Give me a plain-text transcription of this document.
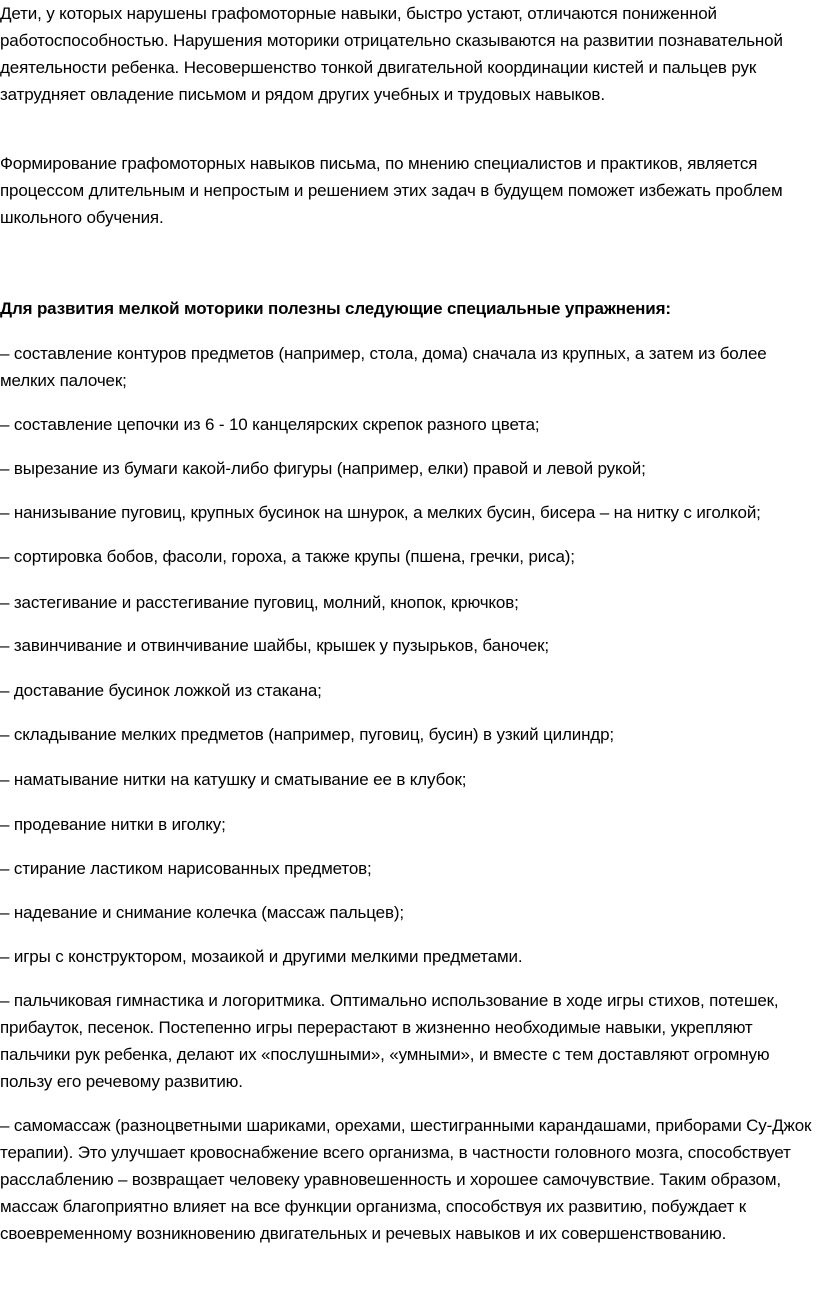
Дети, у которых нарушены графомоторные навыки, быстро устают, отличаются пониженной работоспособностью. Нарушения моторики отрицательно сказываются на развитии познавательной деятельности ребенка. Несовершенство тонкой двигательной координации кистей и пальцев рук затрудняет овладение письмом и рядом других учебных и трудовых навыков.

Формирование графомоторных навыков письма, по мнению специалистов и практиков, является процессом длительным и непростым и решением этих задач в будущем поможет избежать проблем школьного обучения.

Для развития мелкой моторики полезны следующие специальные упражнения:

– составление контуров предметов (например, стола, дома) сначала из крупных, а затем из более мелких палочек;

– составление цепочки из 6 - 10 канцелярских скрепок разного цвета;

– вырезание из бумаги какой-либо фигуры (например, елки) правой и левой рукой;

– нанизывание пуговиц, крупных бусинок на шнурок, а мелких бусин, бисера – на нитку с иголкой;

– сортировка бобов, фасоли, гороха, а также крупы (пшена, гречки, риса);

– застегивание и расстегивание пуговиц, молний, кнопок, крючков;

– завинчивание и отвинчивание шайбы, крышек у пузырьков, баночек;

– доставание бусинок ложкой из стакана;

– складывание мелких предметов (например, пуговиц, бусин) в узкий цилиндр;

– наматывание нитки на катушку и сматывание ее в клубок;

– продевание нитки в иголку;

– стирание ластиком нарисованных предметов;

– надевание и снимание колечка (массаж пальцев);

– игры с конструктором, мозаикой и другими мелкими предметами.

– пальчиковая гимнастика и логоритмика. Оптимально использование в ходе игры стихов, потешек, прибауток, песенок. Постепенно игры перерастают в жизненно необходимые навыки, укрепляют пальчики рук ребенка, делают их «послушными», «умными», и вместе с тем доставляют огромную пользу его речевому развитию.

– самомассаж (разноцветными шариками, орехами, шестигранными карандашами, приборами Су-Джок терапии). Это улучшает кровоснабжение всего организма, в частности головного мозга, способствует расслаблению – возвращает человеку уравновешенность и хорошее самочувствие. Таким образом, массаж благоприятно влияет на все функции организма, способствуя их развитию, побуждает к своевременному возникновению двигательных и речевых навыков и их совершенствованию.
